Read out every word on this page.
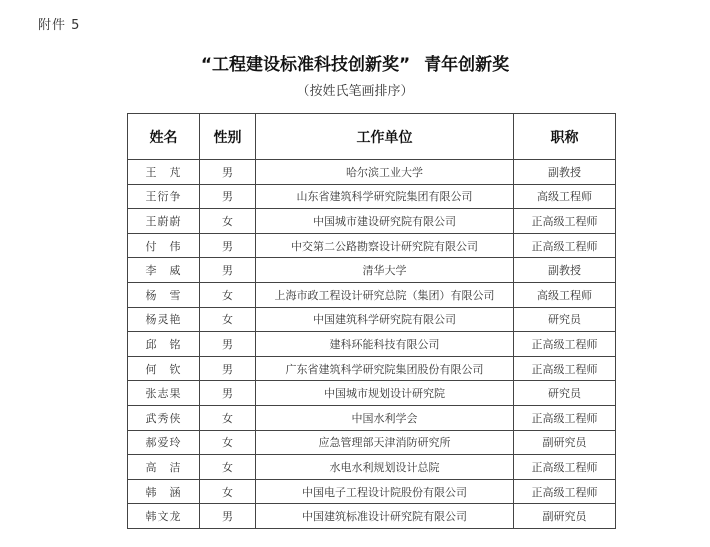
附件 5
“工程建设标准科技创新奖” 青年创新奖
（按姓氏笔画排序）
姓名	性别	工作单位	职称
王　芃	男	哈尔滨工业大学	副教授
王衍争	男	山东省建筑科学研究院集团有限公司	高级工程师
王蔚蔚	女	中国城市建设研究院有限公司	正高级工程师
付　伟	男	中交第二公路勘察设计研究院有限公司	正高级工程师
李　威	男	清华大学	副教授
杨　雪	女	上海市政工程设计研究总院（集团）有限公司	高级工程师
杨灵艳	女	中国建筑科学研究院有限公司	研究员
邱　铭	男	建科环能科技有限公司	正高级工程师
何　钦	男	广东省建筑科学研究院集团股份有限公司	正高级工程师
张志果	男	中国城市规划设计研究院	研究员
武秀侠	女	中国水利学会	正高级工程师
郝爱玲	女	应急管理部天津消防研究所	副研究员
高　洁	女	水电水利规划设计总院	正高级工程师
韩　涵	女	中国电子工程设计院股份有限公司	正高级工程师
韩文龙	男	中国建筑标准设计研究院有限公司	副研究员
